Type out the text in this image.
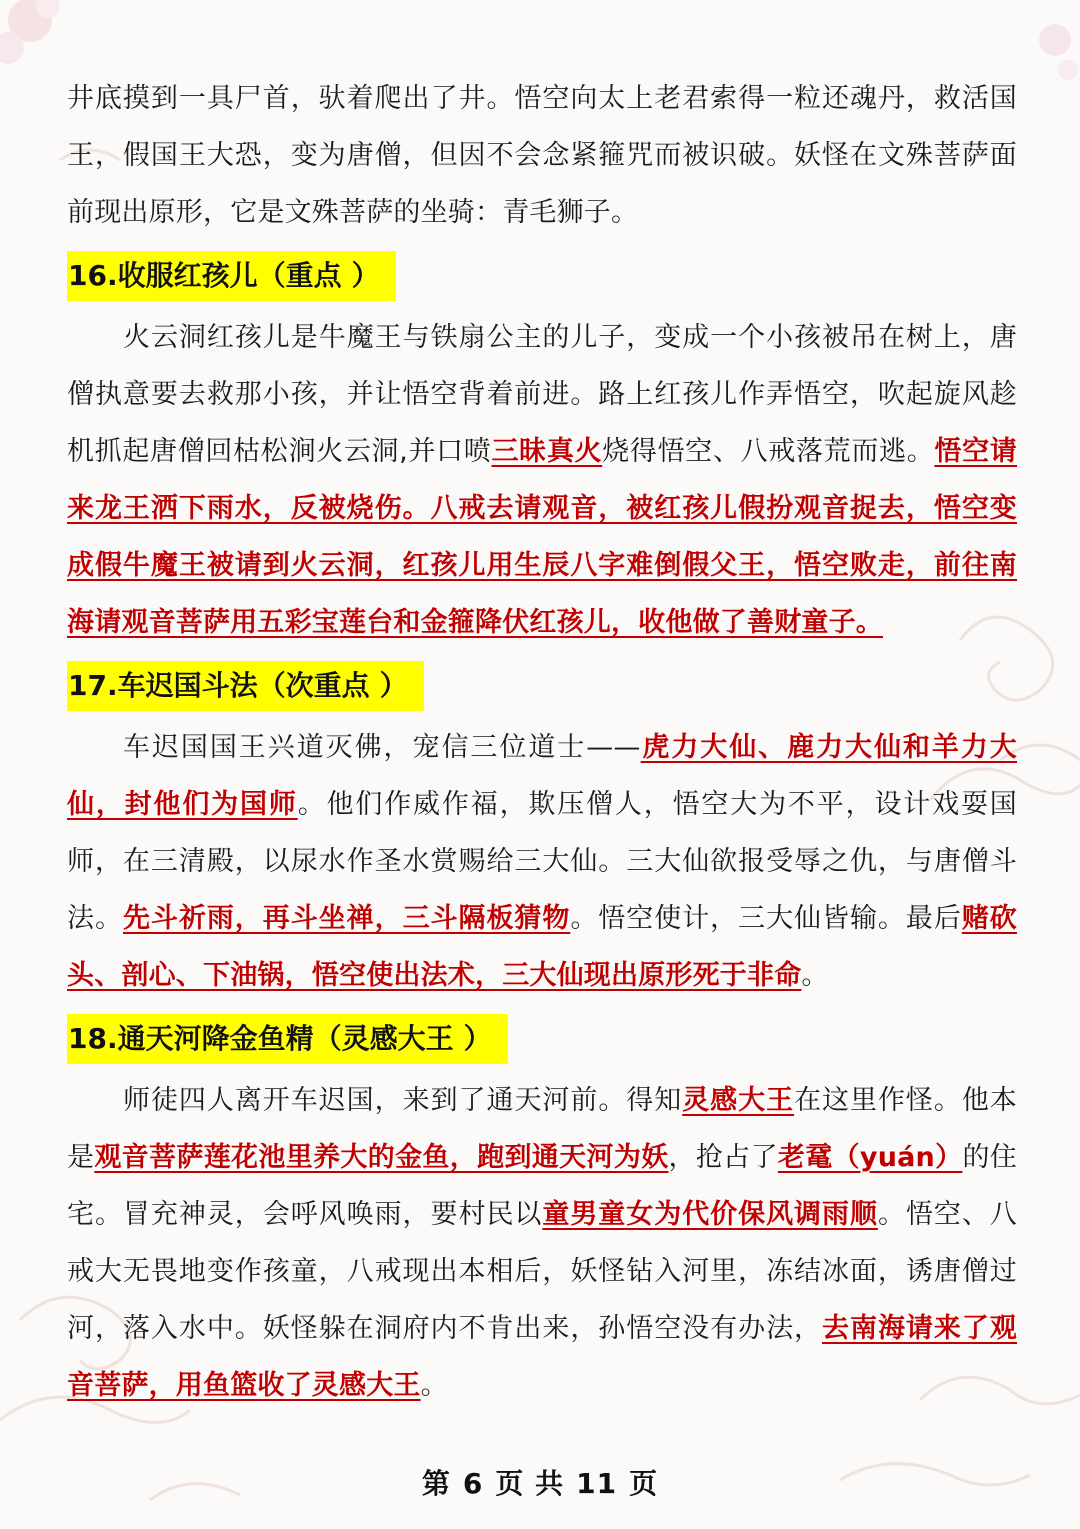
井底摸到一具尸首，驮着爬出了井。悟空向太上老君索得一粒还魂丹，救活国王，假国王大恐，变为唐僧，但因不会念紧箍咒而被识破。妖怪在文殊菩萨面前现出原形，它是文殊菩萨的坐骑：青毛狮子。

16.收服红孩儿（重点 ）

火云洞红孩儿是牛魔王与铁扇公主的儿子，变成一个小孩被吊在树上，唐僧执意要去救那小孩，并让悟空背着前进。路上红孩儿作弄悟空，吹起旋风趁机抓起唐僧回枯松涧火云洞,并口喷三昧真火烧得悟空、八戒落荒而逃。悟空请来龙王洒下雨水，反被烧伤。八戒去请观音，被红孩儿假扮观音捉去，悟空变成假牛魔王被请到火云洞，红孩儿用生辰八字难倒假父王，悟空败走，前往南海请观音菩萨用五彩宝莲台和金箍降伏红孩儿，收他做了善财童子。

17.车迟国斗法（次重点 ）

车迟国国王兴道灭佛，宠信三位道士——虎力大仙、鹿力大仙和羊力大仙，封他们为国师。他们作威作福，欺压僧人，悟空大为不平，设计戏耍国师，在三清殿，以尿水作圣水赏赐给三大仙。三大仙欲报受辱之仇，与唐僧斗法。先斗祈雨，再斗坐禅，三斗隔板猜物。悟空使计，三大仙皆输。最后赌砍头、剖心、下油锅，悟空使出法术，三大仙现出原形死于非命。

18.通天河降金鱼精（灵感大王 ）

师徒四人离开车迟国，来到了通天河前。得知灵感大王在这里作怪。他本是观音菩萨莲花池里养大的金鱼，跑到通天河为妖，抢占了老鼋（yuán）的住宅。冒充神灵，会呼风唤雨，要村民以童男童女为代价保风调雨顺。悟空、八戒大无畏地变作孩童，八戒现出本相后，妖怪钻入河里，冻结冰面，诱唐僧过河，落入水中。妖怪躲在洞府内不肯出来，孙悟空没有办法，去南海请来了观音菩萨，用鱼篮收了灵感大王。

第 6 页 共 11 页
